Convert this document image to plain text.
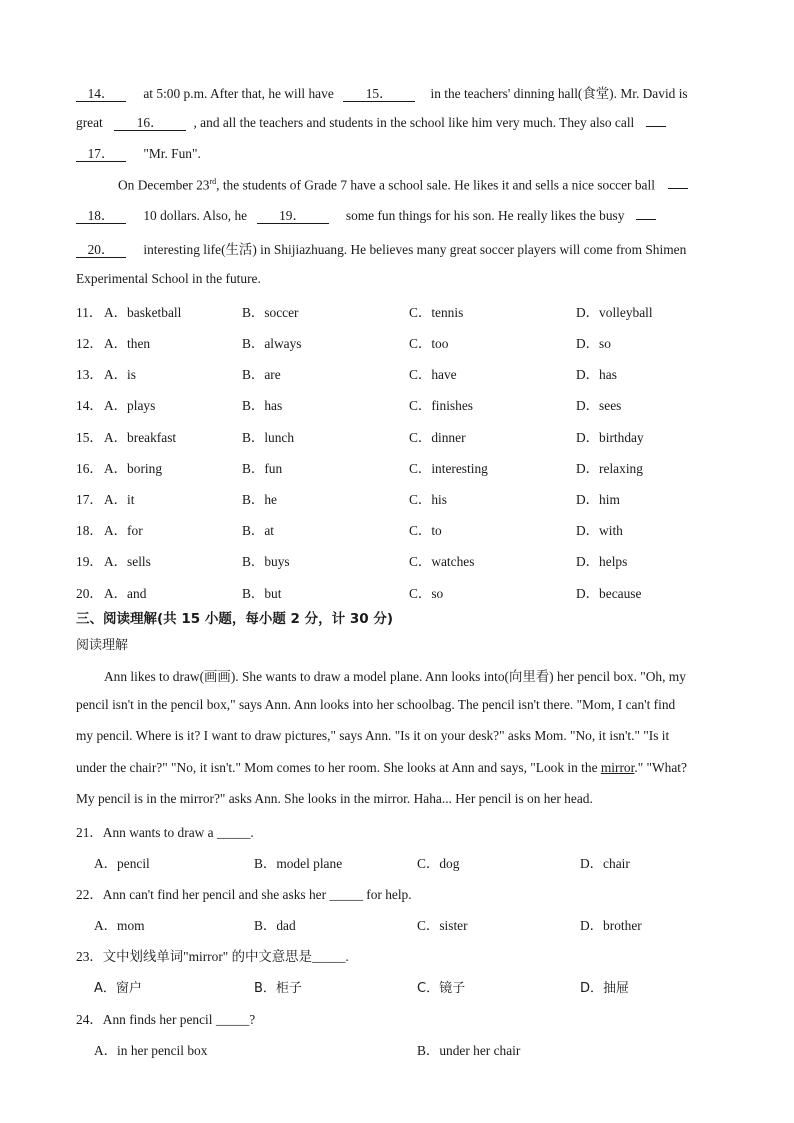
14． at 5:00 p.m. After that, he will have 15．	in the teachers' dinning hall(食堂). Mr. David is
great	16． , and all the teachers and students in the school like him very much. They also call
17． "Mr. Fun".
On December 23rd, the students of Grade 7 have a school sale. He likes it and sells a nice soccer ball
18． 10 dollars. Also, he 19．	some fun things for his son. He really likes the busy
20． interesting life(生活) in Shijiazhuang. He believes many great soccer players will come from Shimen
Experimental School in the future.
11． A．basketball	B．soccer	C．tennis	D．volleyball
12． A．then	B．always	C．too	D．so
13． A．is	B．are	C．have	D．has
14． A．plays	B．has	C．finishes	D．sees
15． A．breakfast	B．lunch	C．dinner	D．birthday
16． A．boring	B．fun	C．interesting	D．relaxing
17． A．it	B．he	C．his	D．him
18． A．for	B．at	C．to	D．with
19． A．sells	B．buys	C．watches	D．helps
20． A．and	B．but	C．so	D．because
三、阅读理解(共 15 小题，每小题 2 分，计 30 分)
阅读理解
Ann likes to draw(画画). She wants to draw a model plane. Ann looks into(向里看) her pencil box. "Oh, my
pencil isn't in the pencil box," says Ann. Ann looks into her schoolbag. The pencil isn't there. "Mom, I can't find
my pencil. Where is it? I want to draw pictures," says Ann. "Is it on your desk?" asks Mom. "No, it isn't." "Is it
under the chair?" "No, it isn't." Mom comes to her room. She looks at Ann and says, "Look in the mirror." "What?
My pencil is in the mirror?" asks Ann. She looks in the mirror. Haha... Her pencil is on her head.
21．Ann wants to draw a _____.
A．pencil	B．model plane	C．dog	D．chair
22．Ann can't find her pencil and she asks her _____ for help.
A．mom	B．dad	C．sister	D．brother
23．文中划线单词"mirror" 的中文意思是_____.
A．窗户	B．柜子	C．镜子	D．抽屉
24．Ann finds her pencil _____?
A．in her pencil box	B．under her chair
